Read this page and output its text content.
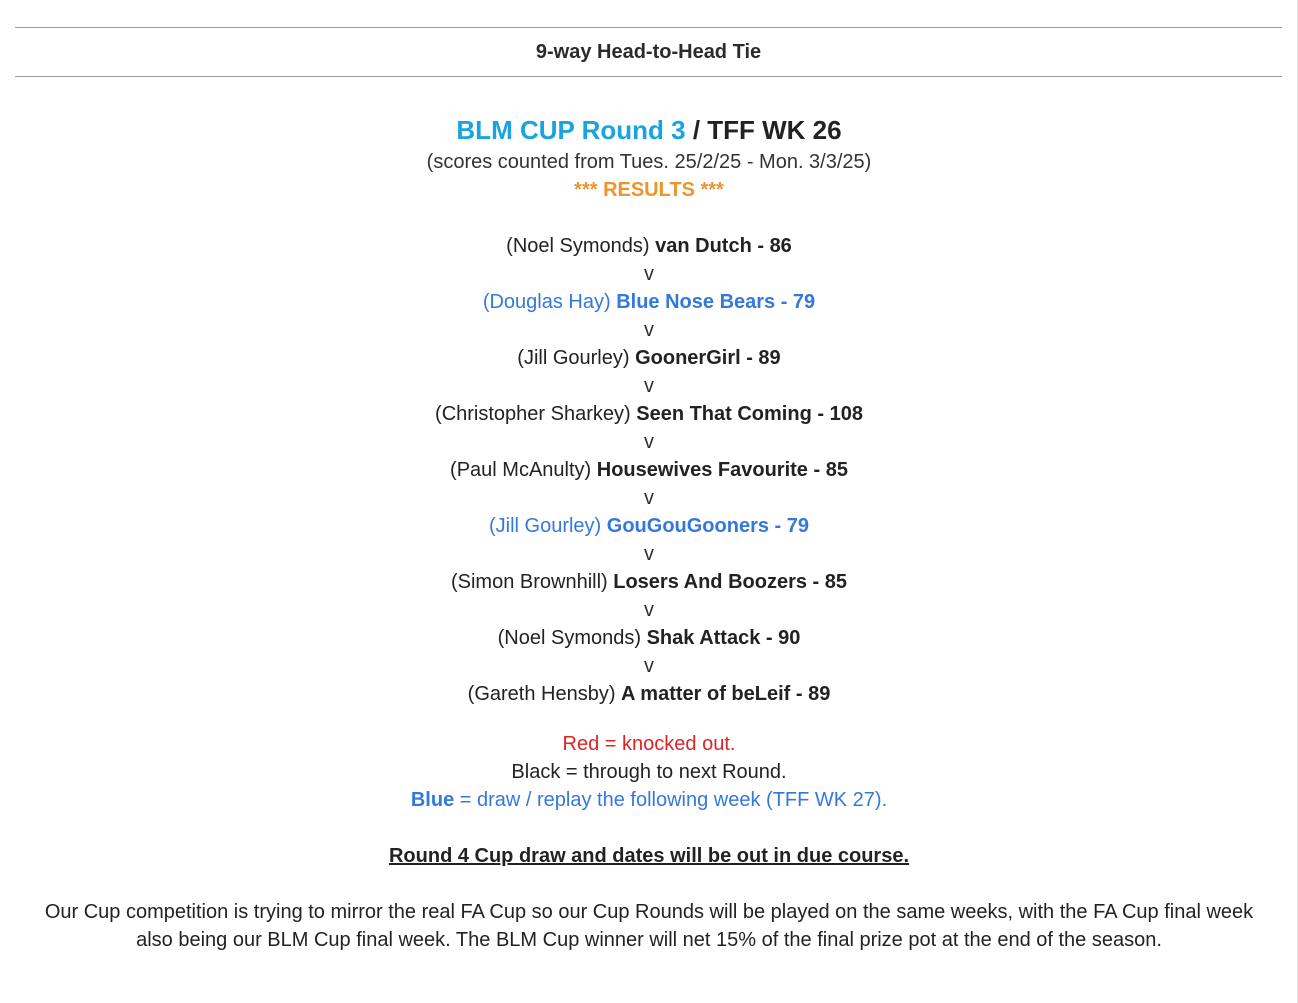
9-way Head-to-Head Tie
BLM CUP Round 3 / TFF WK 26
(scores counted from Tues. 25/2/25 - Mon. 3/3/25)
*** RESULTS ***
(Noel Symonds) van Dutch - 86
v
(Douglas Hay) Blue Nose Bears - 79
v
(Jill Gourley) GoonerGirl - 89
v
(Christopher Sharkey) Seen That Coming - 108
v
(Paul McAnulty) Housewives Favourite - 85
v
(Jill Gourley) GouGouGooners - 79
v
(Simon Brownhill) Losers And Boozers - 85
v
(Noel Symonds) Shak Attack - 90
v
(Gareth Hensby) A matter of beLeif - 89
Red = knocked out.
Black = through to next Round.
Blue = draw / replay the following week (TFF WK 27).
Round 4 Cup draw and dates will be out in due course.
Our Cup competition is trying to mirror the real FA Cup so our Cup Rounds will be played on the same weeks, with the FA Cup final week also being our BLM Cup final week. The BLM Cup winner will net 15% of the final prize pot at the end of the season.
